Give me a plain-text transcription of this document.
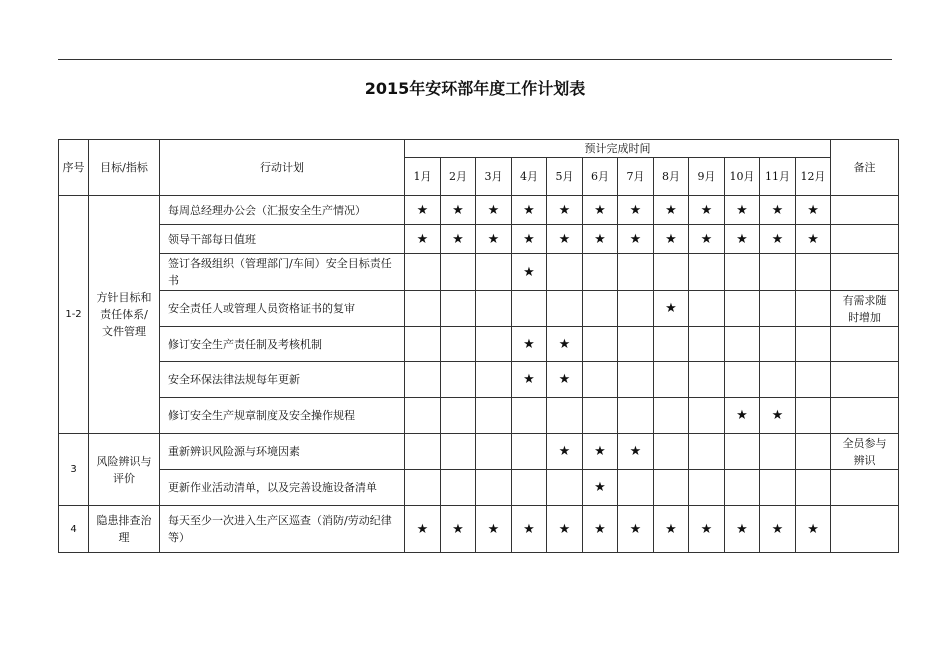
2015年安环部年度工作计划表
序号	目标/指标	行动计划	预计完成时间												备注
			1月	2月	3月	4月	5月	6月	7月	8月	9月	10月	11月	12月	
1-2	方针目标和责任体系/文件管理	每周总经理办公会（汇报安全生产情况）	★	★	★	★	★	★	★	★	★	★	★	★	
		领导干部每日值班	★	★	★	★	★	★	★	★	★	★	★	★	
		签订各级组织（管理部门/车间）安全目标责任书				★									
		安全责任人或管理人员资格证书的复审								★					有需求随时增加
		修订安全生产责任制及考核机制				★	★								
		安全环保法律法规每年更新				★	★								
		修订安全生产规章制度及安全操作规程										★	★		
3	风险辨识与评价	重新辨识风险源与环境因素					★	★	★						全员参与辨识
		更新作业活动清单，以及完善设施设备清单						★							
4	隐患排查治理	每天至少一次进入生产区巡查（消防/劳动纪律等）	★	★	★	★	★	★	★	★	★	★	★	★	
